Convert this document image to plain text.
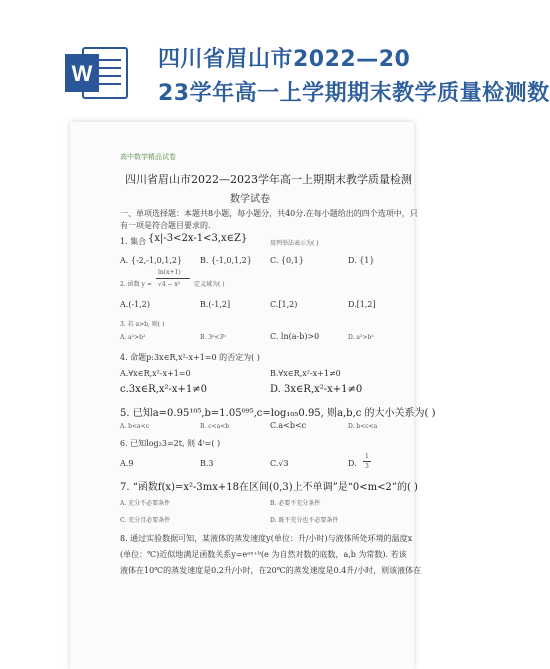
W
四川省眉山市2022—20
23学年高一上学期期末教学质量检测数
高中数学精品试卷
四川省眉山市2022—2023学年高一上期期末教学质量检测
数学试卷
一、单项选择题：本题共8小题，每小题分，共40分.在每小题给出的四个选项中，只
有一项是符合题目要求的.
1. 集合 {x|-3<2x-1<3,x∈Z}	用列举法表示为( )
A. {-2,-1,0,1,2} B. {-1,0,1,2} C. {0,1}	D. {1}
2. 函数 y =
ln(x+1)
√4 − x² 定义域为( )
A.(-1,2)	B.(-1,2]	C.[1,2)	D.[1,2]
3. 若 a>b, 则( )
A. a²>b²	B. 3ᵃ<3ᵇ	C. ln(a-b)>0	D. a³>b³
4. 命题p:3x∈R,x²-x+1=0 的否定为( )
A.∀x∈R,x²-x+1=0	B.∀x∈R,x²-x+1≠0
c.3x∈R,x²-x+1≠0	D. 3x∈R,x²-x+1≠0
5. 已知a=0.95¹⁰⁵,b=1.05⁰⁹⁵,c=log₁₀₅0.95, 则a,b,c 的大小关系为( )
A. b<a<c	B. c<a<b	C.a<b<c	D. b<c<a
6. 已知log₂3=2t, 则 4ᵗ=( )
A.9	B.3	C.√3	D.
1
3
7. “函数f(x)=x²-3mx+18在区间(0,3)上不单调”是“0<m<2”的( )
A. 充分不必要条件	B. 必要不充分条件
C. 充分且必要条件	D. 既不充分也不必要条件
8. 通过实验数据可知，某液体的蒸发速度y(单位：升/小时)与液体所处环境的温度x
(单位：℃)近似地满足函数关系y=eᵃˣ⁺ᵇ(e 为自然对数的底数，a,b 为常数). 若该
液体在10℃的蒸发速度是0.2升/小时，在20℃的蒸发速度是0.4升/小时，则该液体在
